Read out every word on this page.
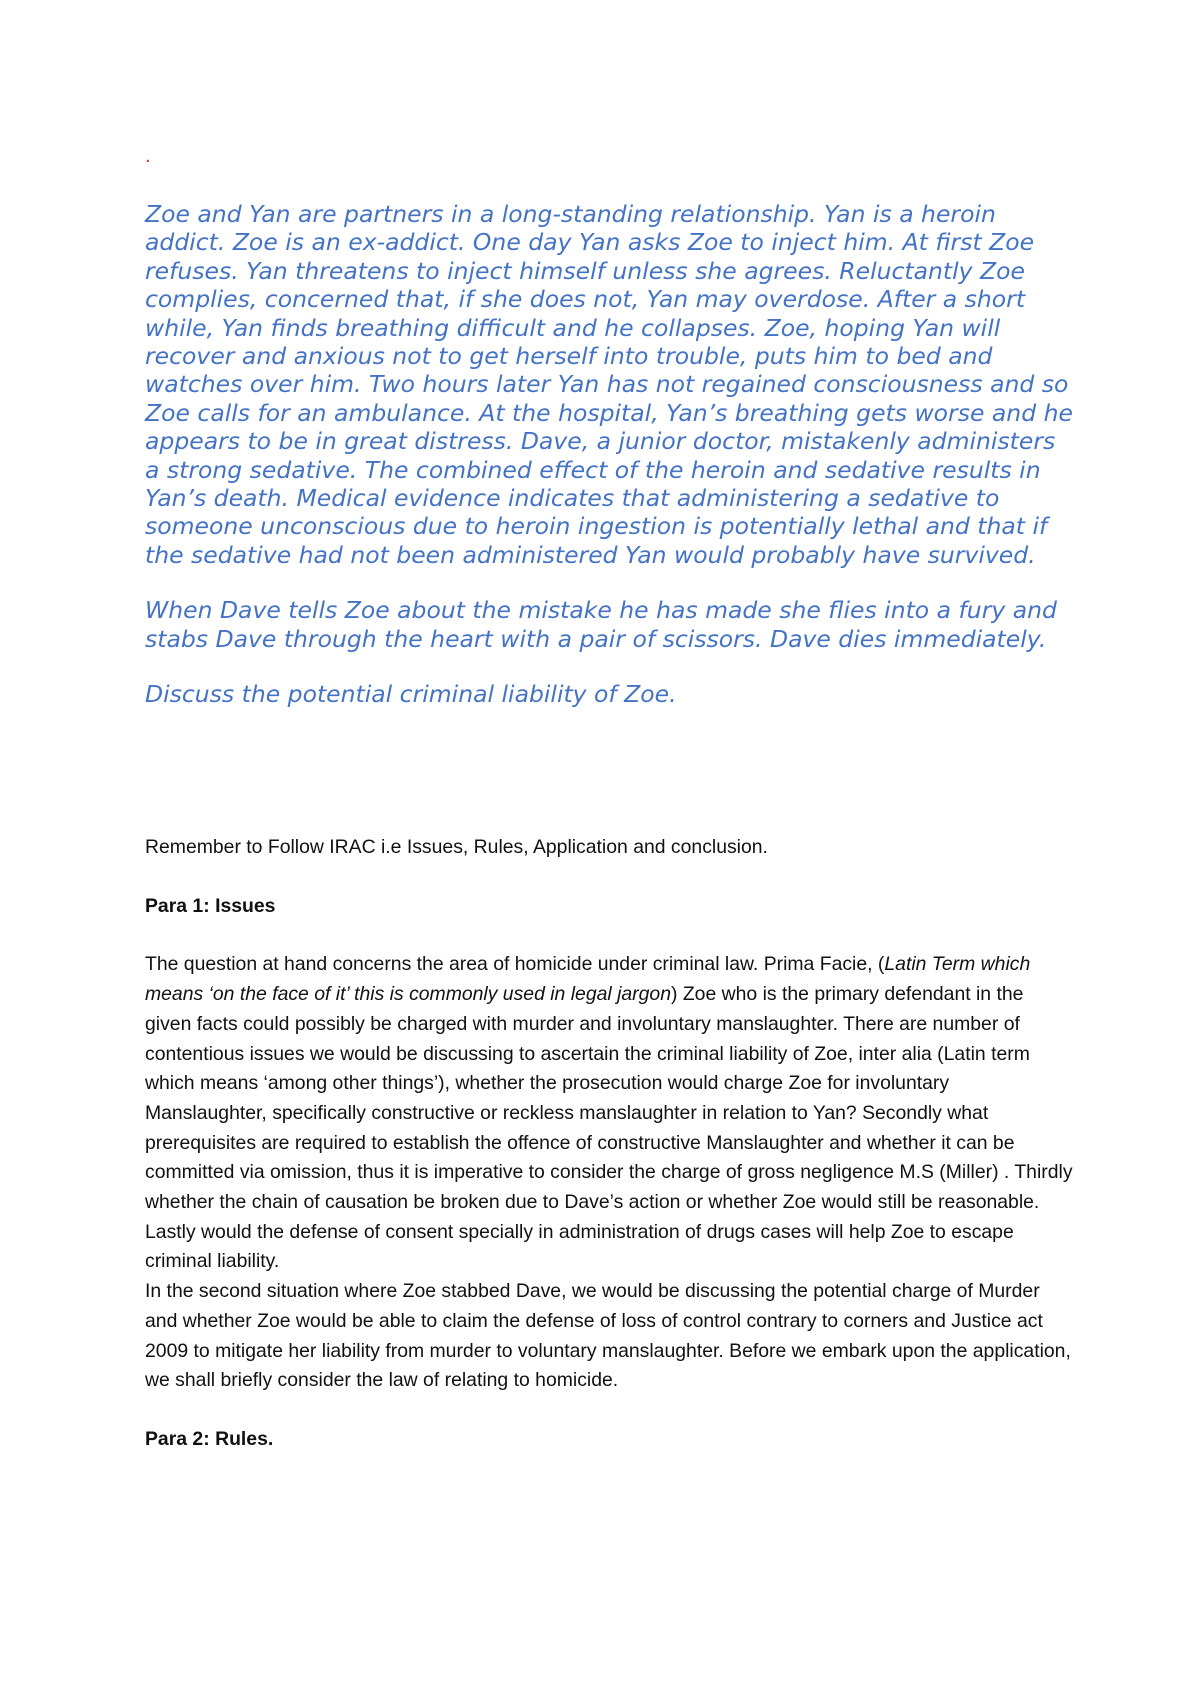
.

Zoe and Yan are partners in a long-standing relationship. Yan is a heroin addict. Zoe is an ex-addict. One day Yan asks Zoe to inject him. At first Zoe refuses. Yan threatens to inject himself unless she agrees. Reluctantly Zoe complies, concerned that, if she does not, Yan may overdose. After a short while, Yan finds breathing difficult and he collapses. Zoe, hoping Yan will recover and anxious not to get herself into trouble, puts him to bed and watches over him. Two hours later Yan has not regained consciousness and so Zoe calls for an ambulance. At the hospital, Yan’s breathing gets worse and he appears to be in great distress. Dave, a junior doctor, mistakenly administers a strong sedative. The combined effect of the heroin and sedative results in Yan’s death. Medical evidence indicates that administering a sedative to someone unconscious due to heroin ingestion is potentially lethal and that if the sedative had not been administered Yan would probably have survived.

When Dave tells Zoe about the mistake he has made she flies into a fury and stabs Dave through the heart with a pair of scissors. Dave dies immediately.

Discuss the potential criminal liability of Zoe.

Remember to Follow IRAC i.e Issues, Rules, Application and conclusion.

Para 1: Issues

The question at hand concerns the area of homicide under criminal law. Prima Facie, (Latin Term which means ‘on the face of it’ this is commonly used in legal jargon) Zoe who is the primary defendant in the given facts could possibly be charged with murder and involuntary manslaughter. There are number of contentious issues we would be discussing to ascertain the criminal liability of Zoe, inter alia (Latin term which means ‘among other things’), whether the prosecution would charge Zoe for involuntary Manslaughter, specifically constructive or reckless manslaughter in relation to Yan? Secondly what prerequisites are required to establish the offence of constructive Manslaughter and whether it can be committed via omission, thus it is imperative to consider the charge of gross negligence M.S (Miller) . Thirdly whether the chain of causation be broken due to Dave’s action or whether Zoe would still be reasonable. Lastly would the defense of consent specially in administration of drugs cases will help Zoe to escape criminal liability.

In the second situation where Zoe stabbed Dave, we would be discussing the potential charge of Murder and whether Zoe would be able to claim the defense of loss of control contrary to corners and Justice act 2009 to mitigate her liability from murder to voluntary manslaughter. Before we embark upon the application, we shall briefly consider the law of relating to homicide.

Para 2: Rules.
